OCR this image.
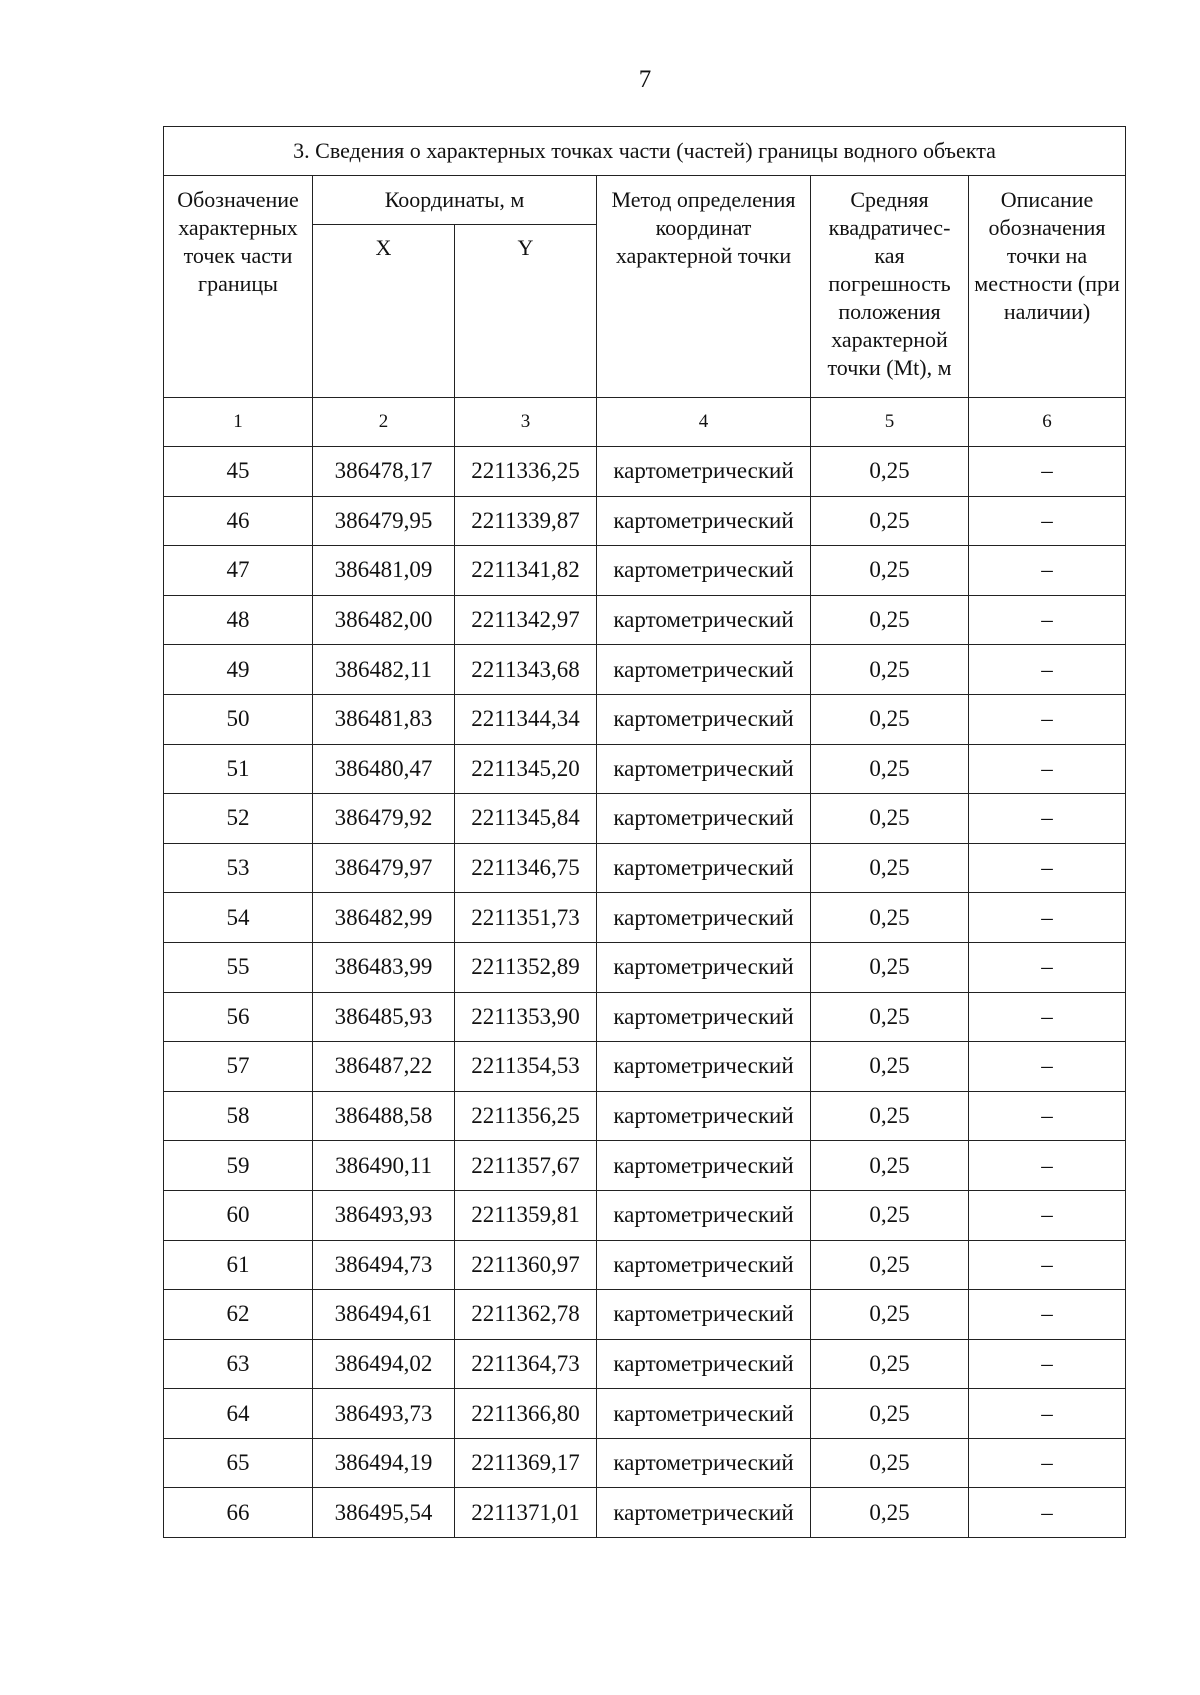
7
3. Сведения о характерных точках части (частей) границы водного объекта					
Обозначение характерных точек части границы	Координаты, м		Метод определения координат характерной точки	Средняя квадратичес-кая погрешность положения характерной точки (Mt), м	Описание обозначения точки на местности (при наличии)
	X	Y			
1	2	3	4	5	6
45	386478,17	2211336,25	картометрический	0,25	–
46	386479,95	2211339,87	картометрический	0,25	–
47	386481,09	2211341,82	картометрический	0,25	–
48	386482,00	2211342,97	картометрический	0,25	–
49	386482,11	2211343,68	картометрический	0,25	–
50	386481,83	2211344,34	картометрический	0,25	–
51	386480,47	2211345,20	картометрический	0,25	–
52	386479,92	2211345,84	картометрический	0,25	–
53	386479,97	2211346,75	картометрический	0,25	–
54	386482,99	2211351,73	картометрический	0,25	–
55	386483,99	2211352,89	картометрический	0,25	–
56	386485,93	2211353,90	картометрический	0,25	–
57	386487,22	2211354,53	картометрический	0,25	–
58	386488,58	2211356,25	картометрический	0,25	–
59	386490,11	2211357,67	картометрический	0,25	–
60	386493,93	2211359,81	картометрический	0,25	–
61	386494,73	2211360,97	картометрический	0,25	–
62	386494,61	2211362,78	картометрический	0,25	–
63	386494,02	2211364,73	картометрический	0,25	–
64	386493,73	2211366,80	картометрический	0,25	–
65	386494,19	2211369,17	картометрический	0,25	–
66	386495,54	2211371,01	картометрический	0,25	–
